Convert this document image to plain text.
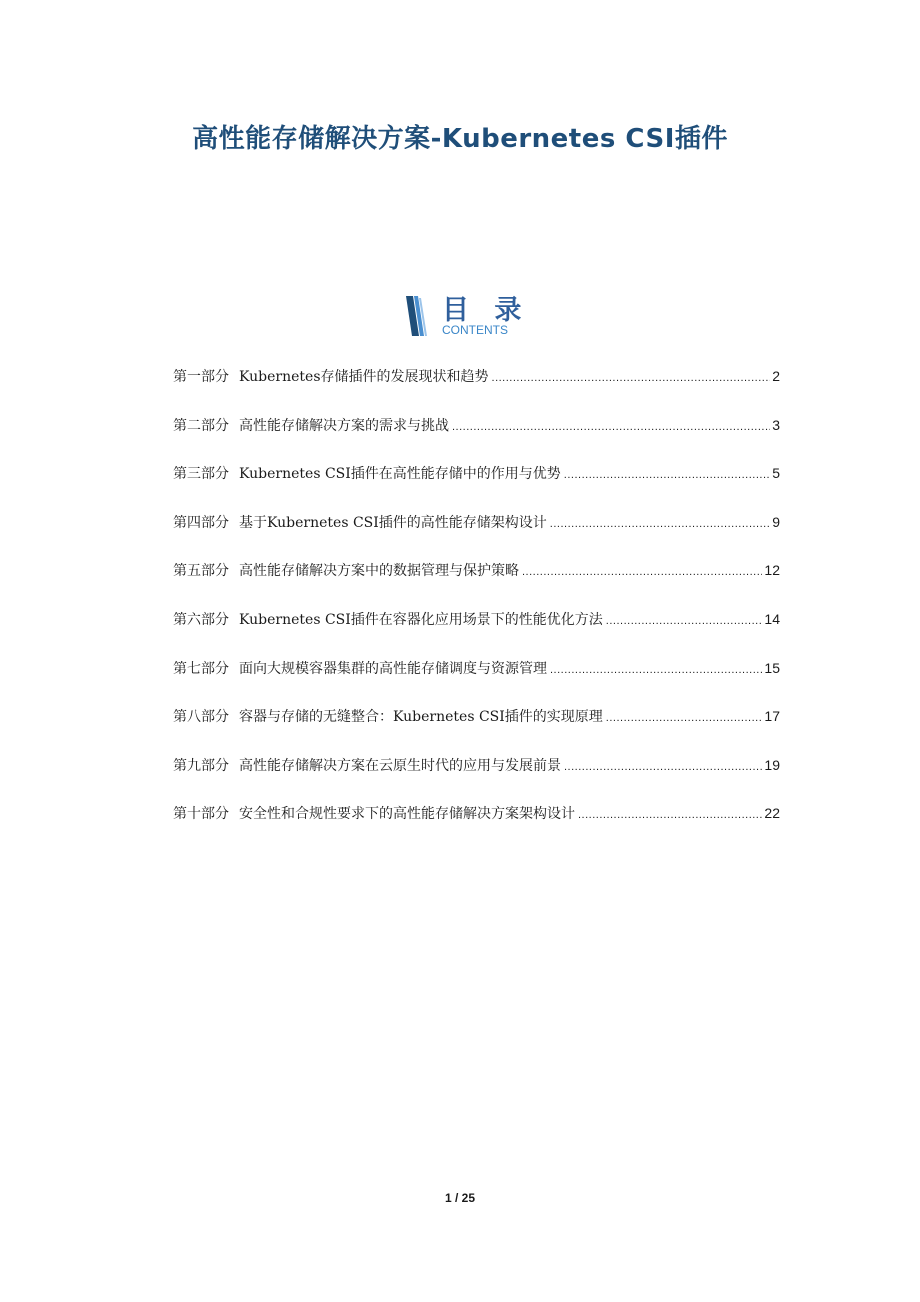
高性能存储解决方案-Kubernetes CSI插件
目 录
CONTENTS
第一部分 Kubernetes存储插件的发展现状和趋势 .....	2
第二部分 高性能存储解决方案的需求与挑战 .....	3
第三部分 Kubernetes CSI插件在高性能存储中的作用与优势 .....	5
第四部分 基于Kubernetes CSI插件的高性能存储架构设计 .....	9
第五部分 高性能存储解决方案中的数据管理与保护策略 .....	12
第六部分 Kubernetes CSI插件在容器化应用场景下的性能优化方法 .....	14
第七部分 面向大规模容器集群的高性能存储调度与资源管理 .....	15
第八部分 容器与存储的无缝整合：Kubernetes CSI插件的实现原理 .....	17
第九部分 高性能存储解决方案在云原生时代的应用与发展前景 .....	19
第十部分 安全性和合规性要求下的高性能存储解决方案架构设计 .....	22
1 / 25
